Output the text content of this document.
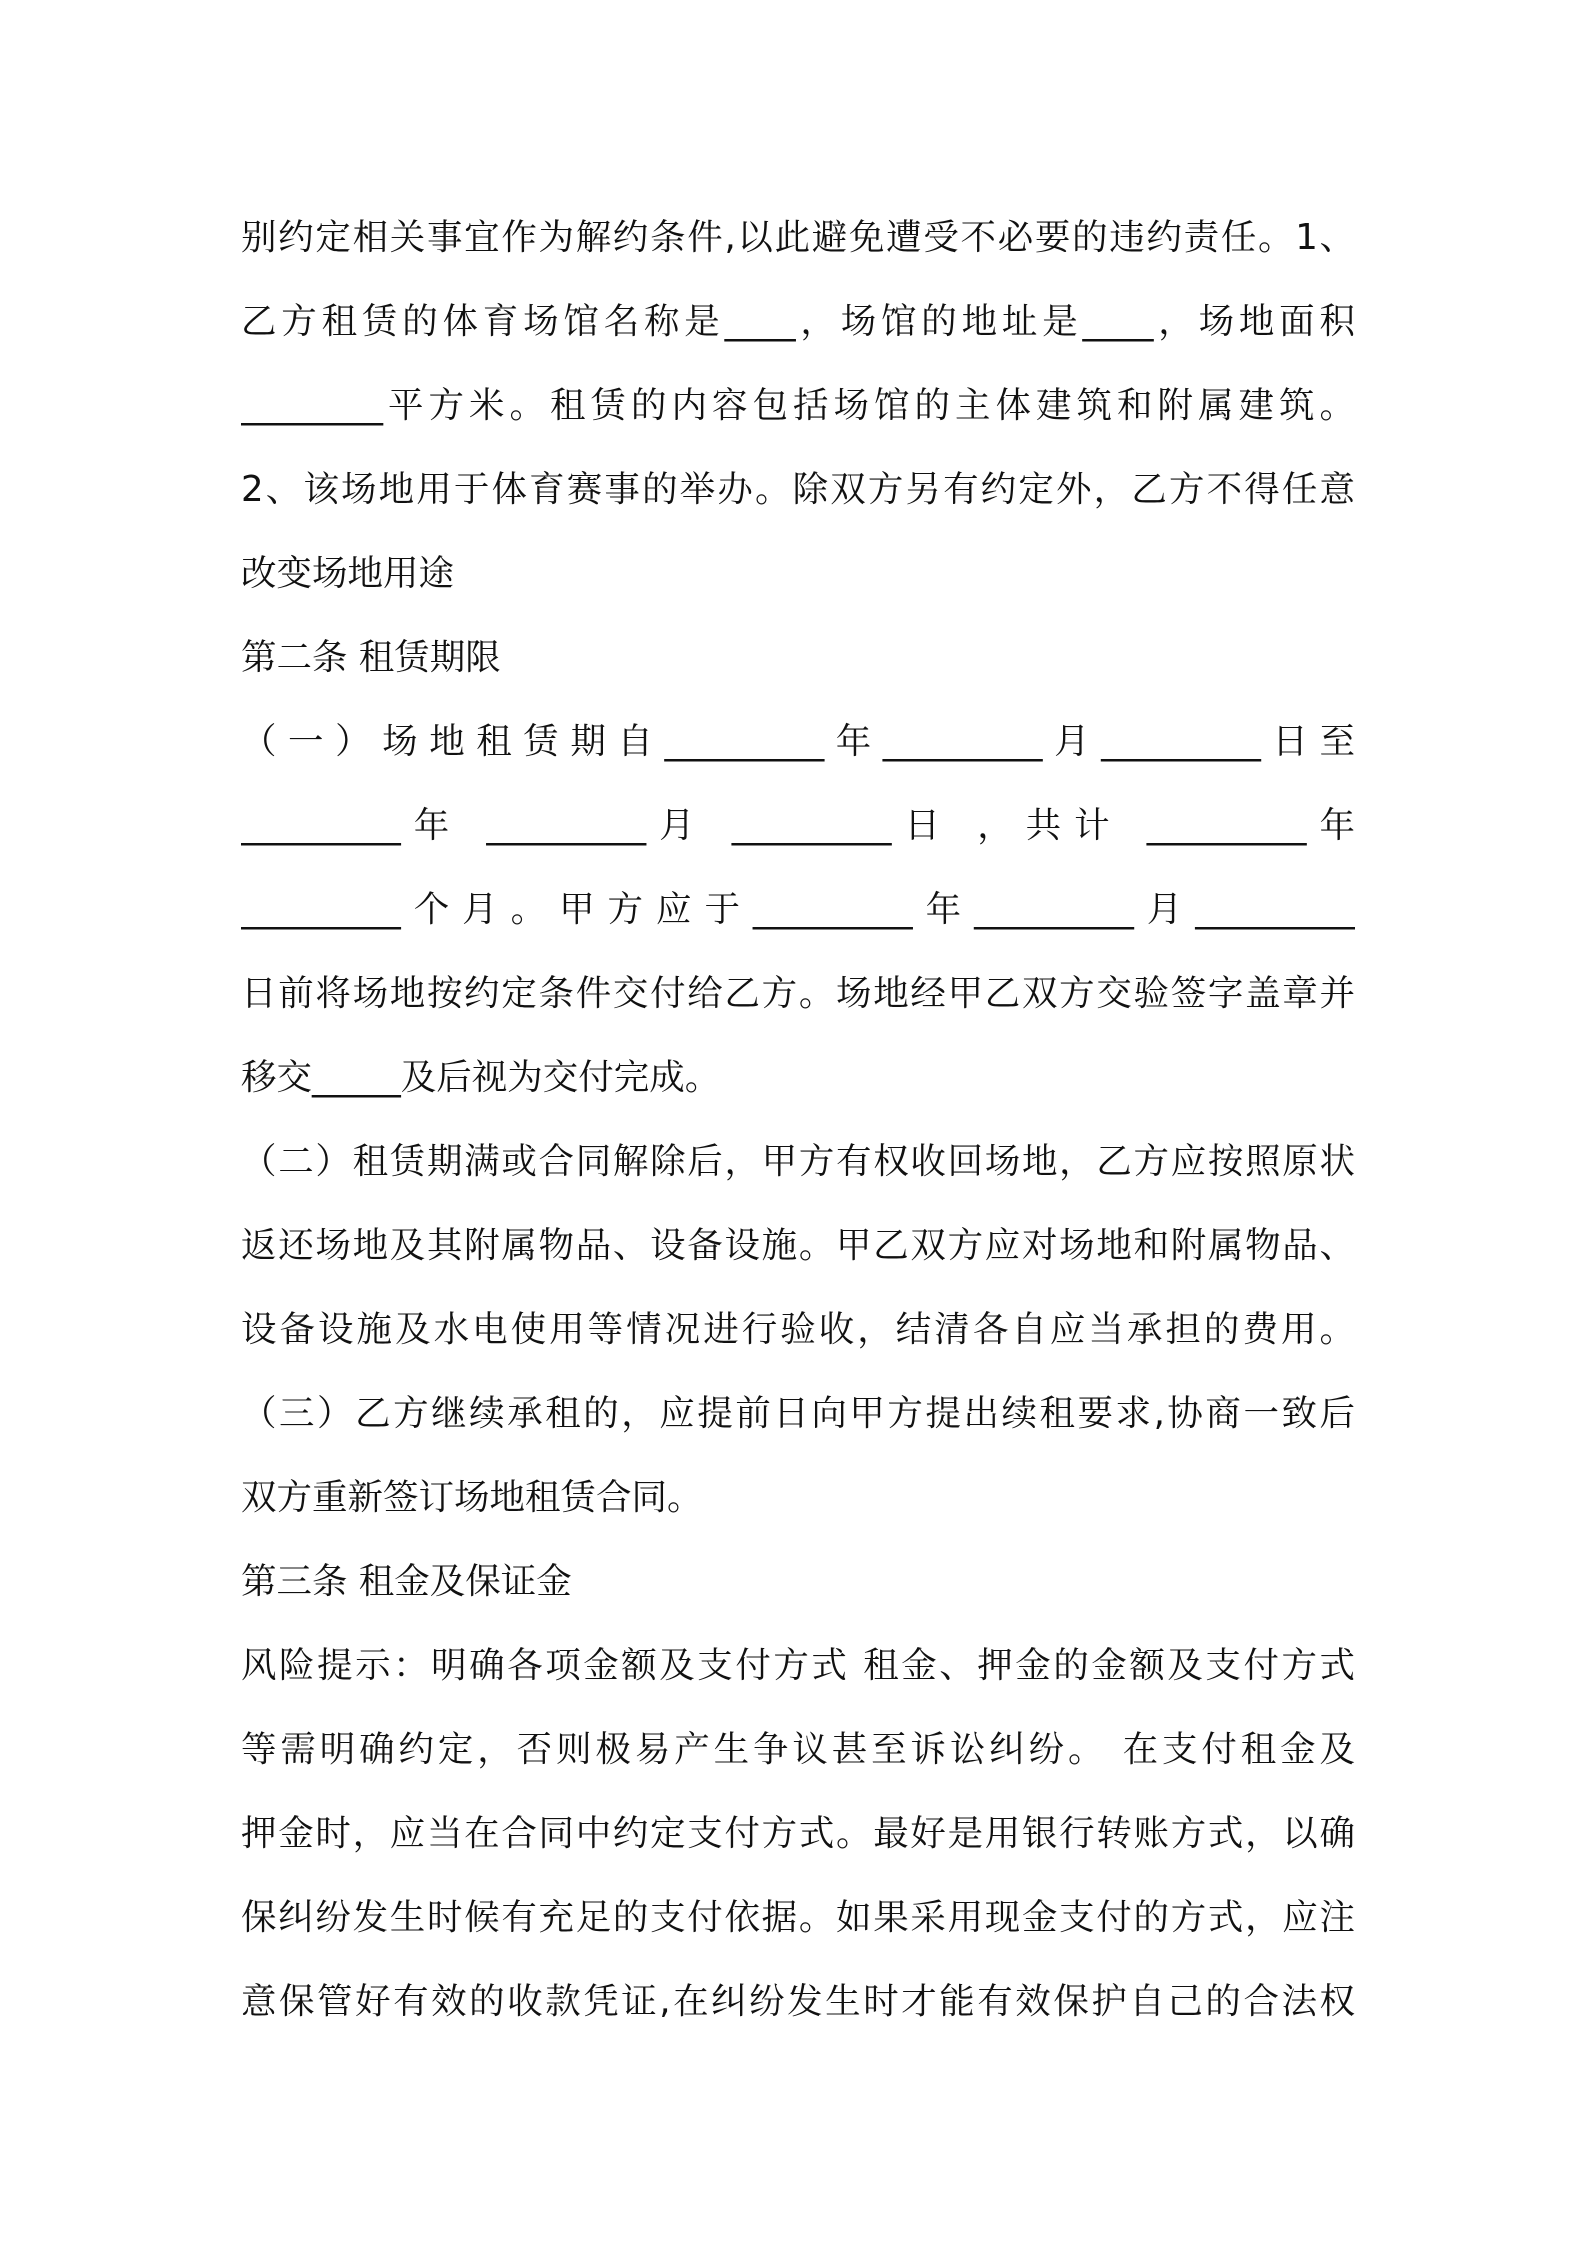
别约定相关事宜作为解约条件,以此避免遭受不必要的违约责任。1、
乙方租赁的体育场馆名称是____，场馆的地址是____，场地面积
________平方米。租赁的内容包括场馆的主体建筑和附属建筑。
2、该场地用于体育赛事的举办。除双方另有约定外，乙方不得任意
改变场地用途
第二条 租赁期限
（一）场地租赁期自_________年_________月_________日至
_________年 _________月 _________日 ，共计 _________年
_________个月。甲方应于_________年_________月_________
日前将场地按约定条件交付给乙方。场地经甲乙双方交验签字盖章并
移交_____及后视为交付完成。
（二）租赁期满或合同解除后，甲方有权收回场地，乙方应按照原状
返还场地及其附属物品、设备设施。甲乙双方应对场地和附属物品、
设备设施及水电使用等情况进行验收，结清各自应当承担的费用。
（三）乙方继续承租的，应提前日向甲方提出续租要求,协商一致后
双方重新签订场地租赁合同。
第三条 租金及保证金
风险提示：明确各项金额及支付方式 租金、押金的金额及支付方式
等需明确约定，否则极易产生争议甚至诉讼纠纷。 在支付租金及
押金时，应当在合同中约定支付方式。最好是用银行转账方式，以确
保纠纷发生时候有充足的支付依据。如果采用现金支付的方式，应注
意保管好有效的收款凭证,在纠纷发生时才能有效保护自己的合法权
